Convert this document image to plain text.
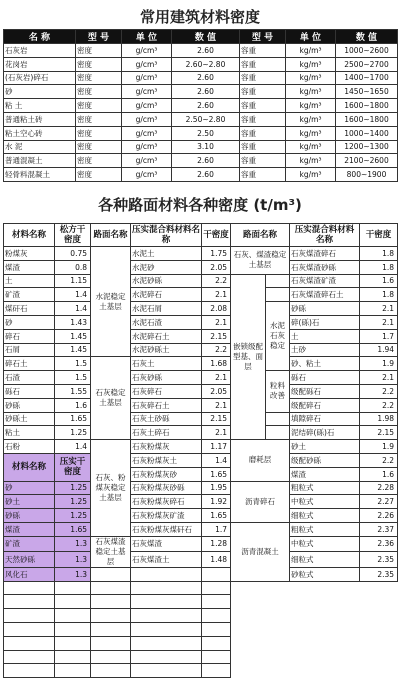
常用建筑材料密度
名 称	型 号	单 位	数 值	型 号	单 位	数 值
石灰岩	密度	g/cm³	2.60	容重	kg/m³	1000~2600
花岗岩	密度	g/cm³	2.60~2.80	容重	kg/m³	2500~2700
(石灰岩)碎石	密度	g/cm³	2.60	容重	kg/m³	1400~1700
砂	密度	g/cm³	2.60	容重	kg/m³	1450~1650
粘 土	密度	g/cm³	2.60	容重	kg/m³	1600~1800
普通粘土砖	密度	g/cm³	2.50~2.80	容重	kg/m³	1600~1800
粘土空心砖	密度	g/cm³	2.50	容重	kg/m³	1000~1400
水 泥	密度	g/cm³	3.10	容重	kg/m³	1200~1300
普通混凝土	密度	g/cm³	2.60	容重	kg/m³	2100~2600
轻骨料混凝土	密度	g/cm³	2.60	容重	kg/m³	800~1900
各种路面材料各种密度 (t/m³)
材料名称	松方干密度	路面名称	压实混合料材料名称	干密度	路面名称		压实混合料材料名称	干密度
粉煤灰	0.75	水泥稳定土基层	水泥土	1.75	石灰、煤渣稳定土基层		石灰煤渣碎石	1.8
煤渣	0.8		水泥砂	2.05			石灰煤渣砂砾	1.8
土	1.15		水泥砂砾	2.2	嵌锁级配型基、面层		石灰煤渣矿渣	1.6
矿渣	1.4		水泥碎石	2.1			石灰煤渣碎石土	1.8
煤矸石	1.4		水泥石屑	2.08		水泥石灰稳定	砂砾	2.1
砂	1.43		水泥石渣	2.1			碎(砾)石	2.1
碎石	1.45		水泥碎石土	2.15			土	1.7
石屑	1.45		水泥砂砾土	2.2			土砂	1.94
碎石土	1.5	石灰稳定土基层	石灰土	1.68			砂、粘土	1.9
石渣	1.5		石灰砂砾	2.1		粒料改善	砾石	2.1
砾石	1.55		石灰碎石	2.05			级配砾石	2.2
砂砾	1.6		石灰碎石土	2.1			级配碎石	2.2
砂砾土	1.65		石灰土砂砾	2.15			填隙碎石	1.98
粘土	1.25		石灰土碎石	2.1			泥结碎(砾)石	2.15
石粉	1.4	石灰、粉煤灰稳定土基层	石灰粉煤灰	1.17	磨耗层		砂土	1.9
材料名称	压实干密度		石灰粉煤灰土	1.4			级配砂砾	2.2
			石灰粉煤灰砂	1.65			煤渣	1.6
砂	1.25		石灰粉煤灰砂砾	1.95	沥青碎石		粗粒式	2.28
砂土	1.25		石灰粉煤灰碎石	1.92			中粒式	2.27
砂砾	1.25		石灰粉煤灰矿渣	1.65			细粒式	2.26
煤渣	1.65		石灰粉煤灰煤矸石	1.7	沥青混凝土		粗粒式	2.37
矿渣	1.3	石灰煤渣稳定土基层	石灰煤渣	1.28			中粒式	2.36
天然砂砾	1.3		石灰煤渣土	1.48			细粒式	2.35
风化石	1.3						砂粒式	2.35
